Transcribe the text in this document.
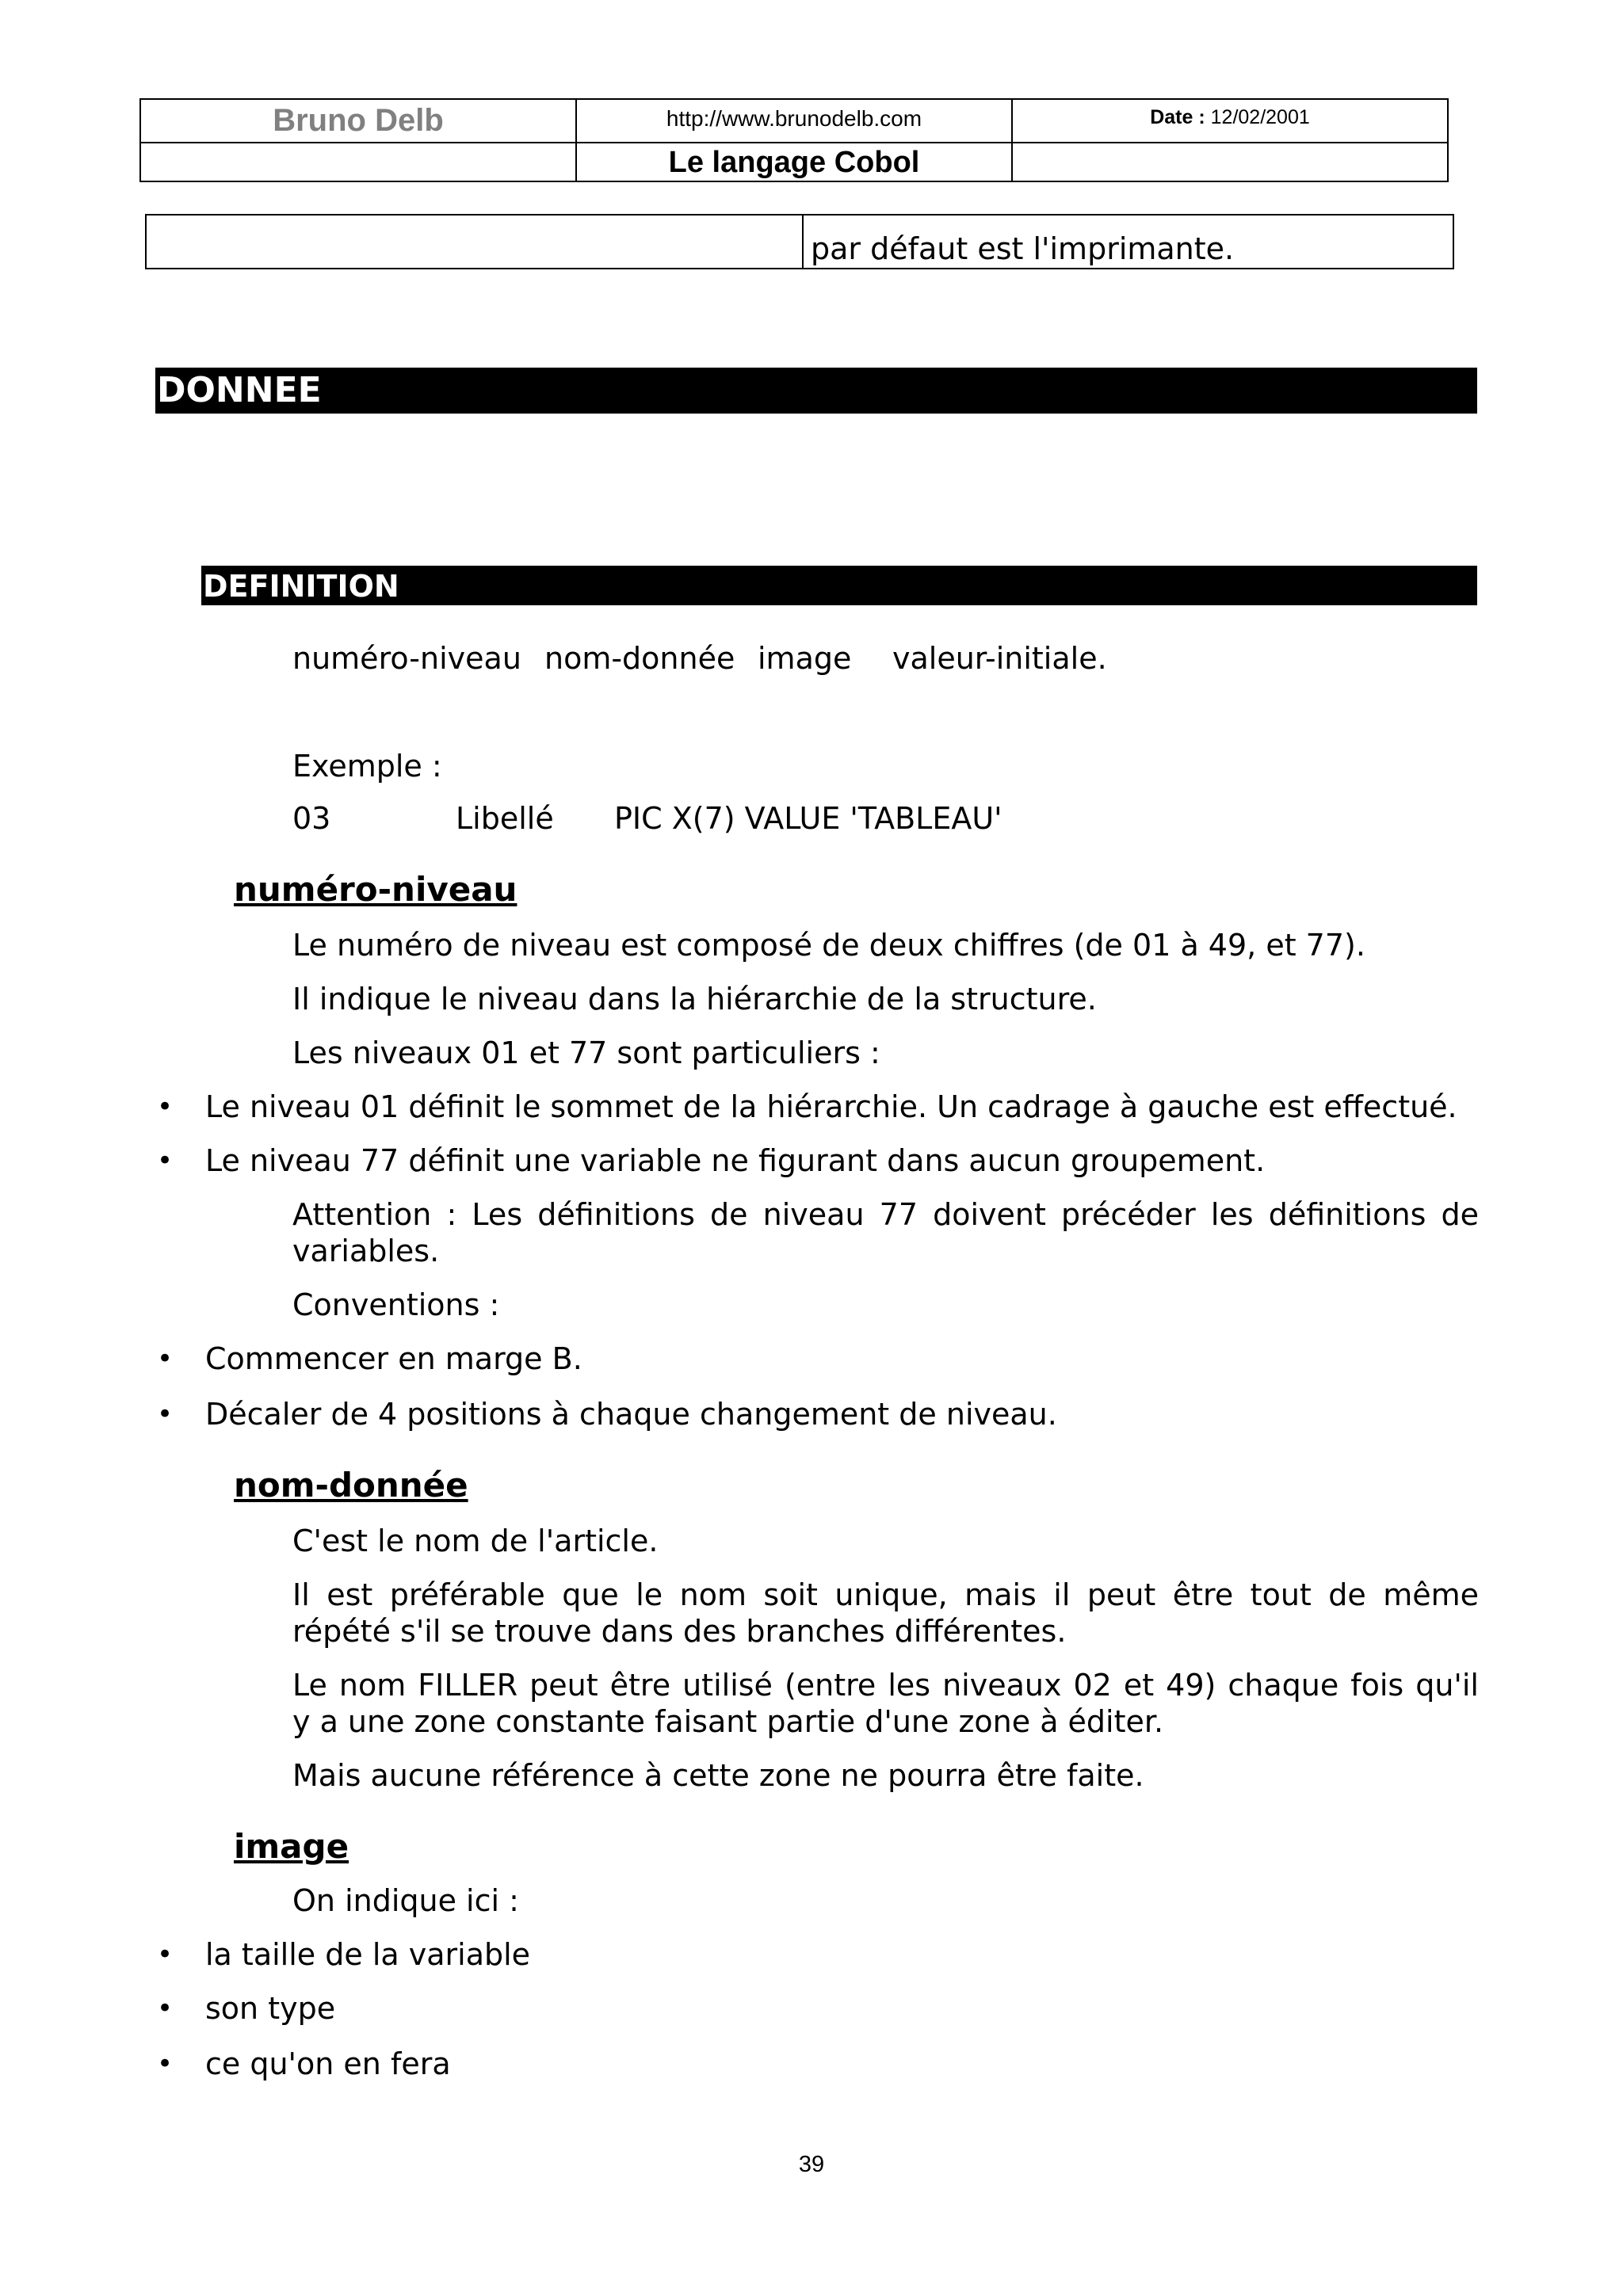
Bruno Delb	http://www.brunodelb.com	Date : 12/02/2001
Le langage Cobol
par défaut est l'imprimante.
DONNEE
DEFINITION
numéro-niveau nom-donnée image valeur-initiale.
Exemple :
03	Libellé PIC X(7) VALUE 'TABLEAU'
numéro-niveau
Le numéro de niveau est composé de deux chiffres (de 01 à 49, et 77).
Il indique le niveau dans la hiérarchie de la structure.
Les niveaux 01 et 77 sont particuliers :
• Le niveau 01 définit le sommet de la hiérarchie. Un cadrage à gauche est effectué.
• Le niveau 77 définit une variable ne figurant dans aucun groupement.
Attention : Les définitions de niveau 77 doivent précéder les définitions de
variables.
Conventions :
• Commencer en marge B.
• Décaler de 4 positions à chaque changement de niveau.
nom-donnée
C'est le nom de l'article.
Il est préférable que le nom soit unique, mais il peut être tout de même
répété s'il se trouve dans des branches différentes.
Le nom FILLER peut être utilisé (entre les niveaux 02 et 49) chaque fois qu'il
y a une zone constante faisant partie d'une zone à éditer.
Mais aucune référence à cette zone ne pourra être faite.
image
On indique ici :
• la taille de la variable
• son type
• ce qu'on en fera
39
